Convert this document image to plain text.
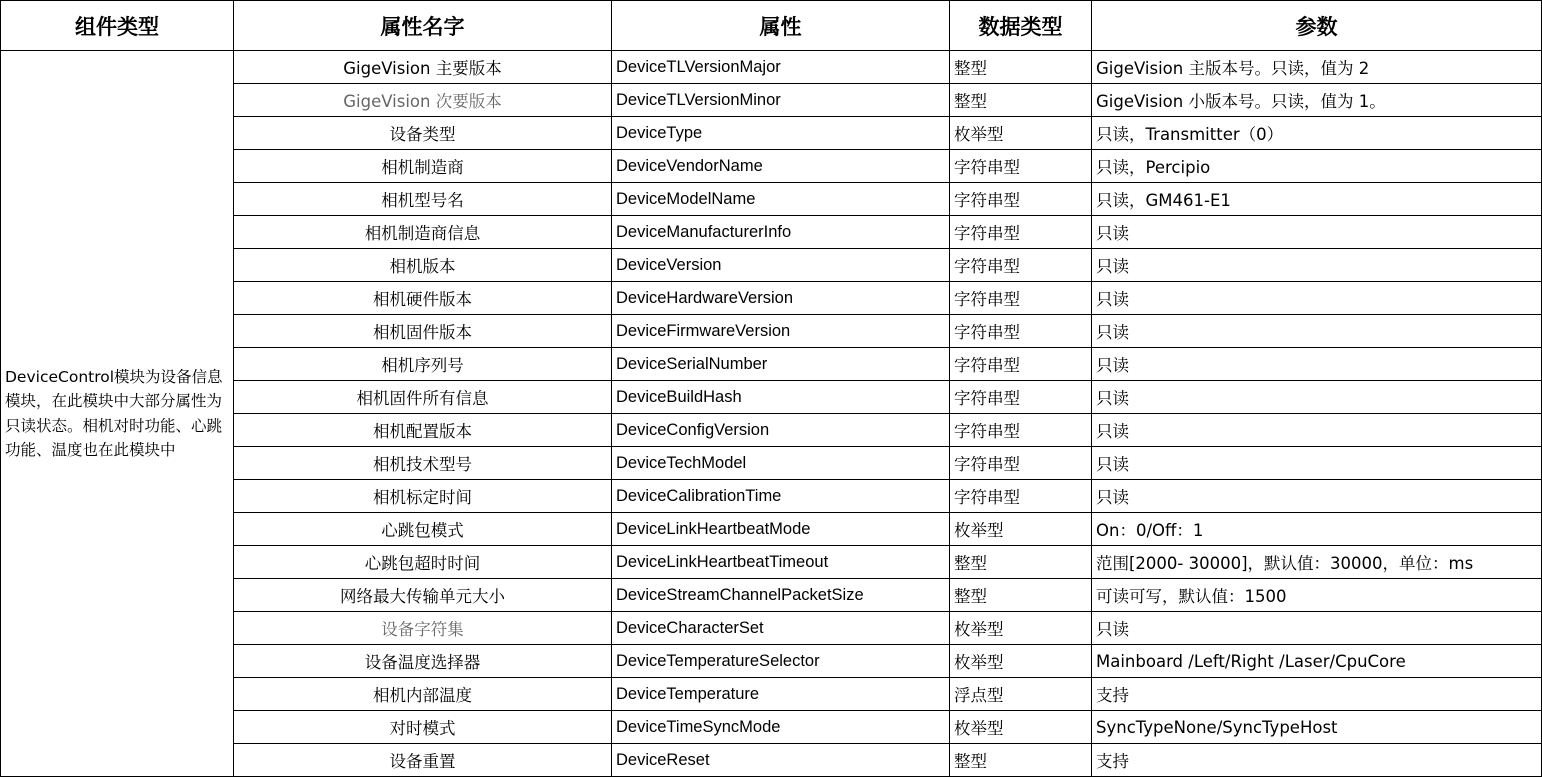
组件类型	属性名字	属性	数据类型	参数
DeviceControl模块为设备信息模块，在此模块中大部分属性为只读状态。相机对时功能、心跳功能、温度也在此模块中	GigeVision 主要版本	DeviceTLVersionMajor	整型	GigeVision 主版本号。只读，值为 2
	GigeVision 次要版本	DeviceTLVersionMinor	整型	GigeVision 小版本号。只读，值为 1。
	设备类型	DeviceType	枚举型	只读，Transmitter（0）
	相机制造商	DeviceVendorName	字符串型	只读，Percipio
	相机型号名	DeviceModelName	字符串型	只读，GM461-E1
	相机制造商信息	DeviceManufacturerInfo	字符串型	只读
	相机版本	DeviceVersion	字符串型	只读
	相机硬件版本	DeviceHardwareVersion	字符串型	只读
	相机固件版本	DeviceFirmwareVersion	字符串型	只读
	相机序列号	DeviceSerialNumber	字符串型	只读
	相机固件所有信息	DeviceBuildHash	字符串型	只读
	相机配置版本	DeviceConfigVersion	字符串型	只读
	相机技术型号	DeviceTechModel	字符串型	只读
	相机标定时间	DeviceCalibrationTime	字符串型	只读
	心跳包模式	DeviceLinkHeartbeatMode	枚举型	On：0/Off：1
	心跳包超时时间	DeviceLinkHeartbeatTimeout	整型	范围[2000- 30000]，默认值：30000，单位：ms
	网络最大传输单元大小	DeviceStreamChannelPacketSize	整型	可读可写，默认值：1500
	设备字符集	DeviceCharacterSet	枚举型	只读
	设备温度选择器	DeviceTemperatureSelector	枚举型	Mainboard /Left/Right /Laser/CpuCore
	相机内部温度	DeviceTemperature	浮点型	支持
	对时模式	DeviceTimeSyncMode	枚举型	SyncTypeNone/SyncTypeHost
	设备重置	DeviceReset	整型	支持
